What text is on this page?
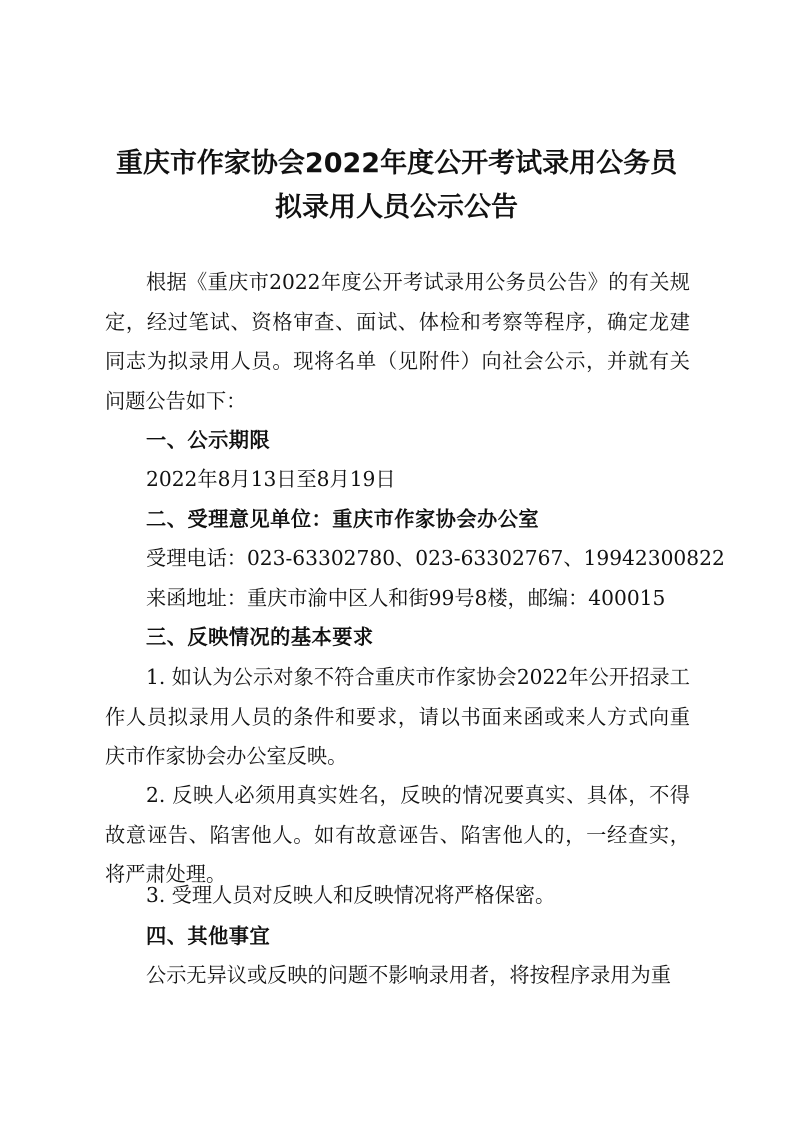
重庆市作家协会2022年度公开考试录用公务员
拟录用人员公示公告
根据《重庆市2022年度公开考试录用公务员公告》的有关规定，经过笔试、资格审查、面试、体检和考察等程序，确定龙建同志为拟录用人员。现将名单（见附件）向社会公示，并就有关问题公告如下：
一、公示期限
2022年8月13日至8月19日
二、受理意见单位：重庆市作家协会办公室
受理电话：023-63302780、023-63302767、19942300822
来函地址：重庆市渝中区人和街99号8楼，邮编：400015
三、反映情况的基本要求
1. 如认为公示对象不符合重庆市作家协会2022年公开招录工作人员拟录用人员的条件和要求，请以书面来函或来人方式向重庆市作家协会办公室反映。
2. 反映人必须用真实姓名，反映的情况要真实、具体，不得故意诬告、陷害他人。如有故意诬告、陷害他人的，一经查实，将严肃处理。
3. 受理人员对反映人和反映情况将严格保密。
四、其他事宜
公示无异议或反映的问题不影响录用者，将按程序录用为重
